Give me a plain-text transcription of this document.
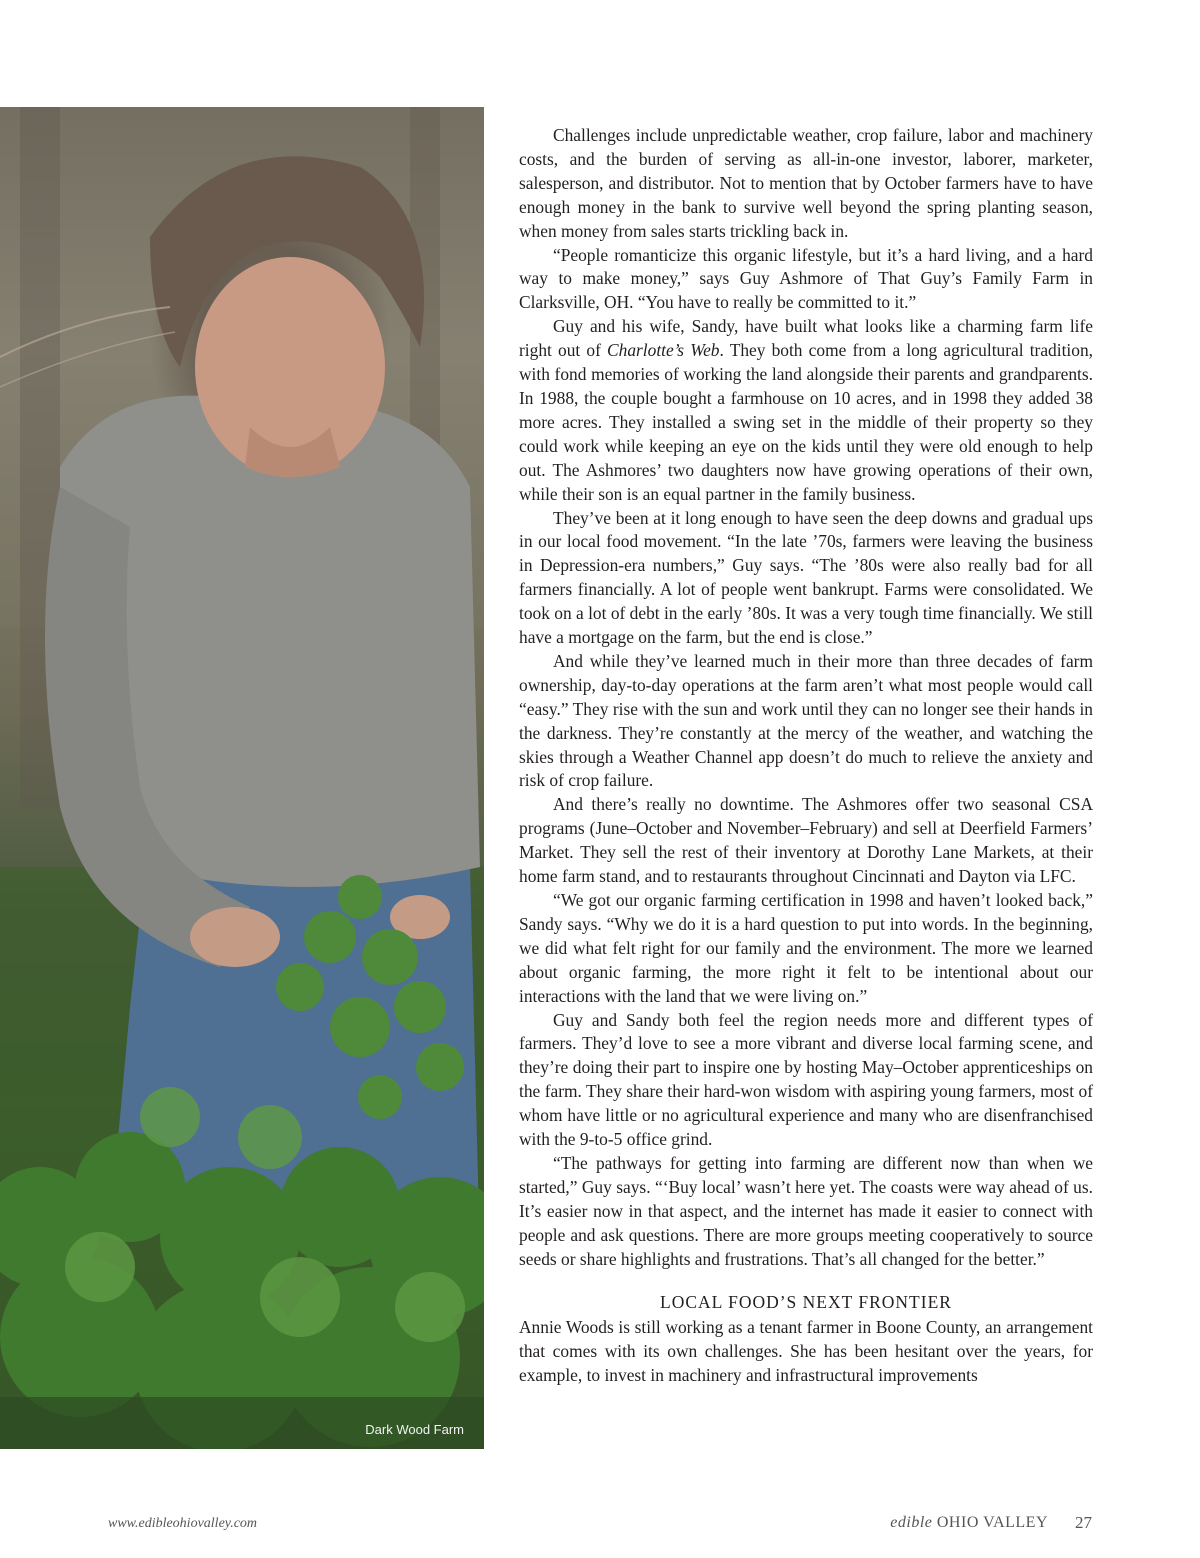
Dark Wood Farm

Challenges include unpredictable weather, crop failure, labor and machinery costs, and the burden of serving as all-in-one investor, laborer, marketer, salesperson, and distributor. Not to mention that by October farmers have to have enough money in the bank to survive well beyond the spring planting season, when money from sales starts trickling back in.

“People romanticize this organic lifestyle, but it’s a hard living, and a hard way to make money,” says Guy Ashmore of That Guy’s Family Farm in Clarksville, OH. “You have to really be committed to it.”

Guy and his wife, Sandy, have built what looks like a charming farm life right out of Charlotte’s Web. They both come from a long agricultural tradition, with fond memories of working the land alongside their parents and grandparents. In 1988, the couple bought a farmhouse on 10 acres, and in 1998 they added 38 more acres. They installed a swing set in the middle of their property so they could work while keeping an eye on the kids until they were old enough to help out. The Ashmores’ two daughters now have growing operations of their own, while their son is an equal partner in the family business.

They’ve been at it long enough to have seen the deep downs and gradual ups in our local food movement. “In the late ’70s, farmers were leaving the business in Depression-era numbers,” Guy says. “The ’80s were also really bad for all farmers financially. A lot of people went bankrupt. Farms were consolidated. We took on a lot of debt in the early ’80s. It was a very tough time financially. We still have a mortgage on the farm, but the end is close.”

And while they’ve learned much in their more than three decades of farm ownership, day-to-day operations at the farm aren’t what most people would call “easy.” They rise with the sun and work until they can no longer see their hands in the darkness. They’re constantly at the mercy of the weather, and watching the skies through a Weather Channel app doesn’t do much to relieve the anxiety and risk of crop failure.

And there’s really no downtime. The Ashmores offer two seasonal CSA programs (June–October and November–February) and sell at Deerfield Farmers’ Market. They sell the rest of their inventory at Dorothy Lane Markets, at their home farm stand, and to restaurants throughout Cincinnati and Dayton via LFC.

“We got our organic farming certification in 1998 and haven’t looked back,” Sandy says. “Why we do it is a hard question to put into words. In the beginning, we did what felt right for our family and the environment. The more we learned about organic farming, the more right it felt to be intentional about our interactions with the land that we were living on.”

Guy and Sandy both feel the region needs more and different types of farmers. They’d love to see a more vibrant and diverse local farming scene, and they’re doing their part to inspire one by hosting May–October apprenticeships on the farm. They share their hard-won wisdom with aspiring young farmers, most of whom have little or no agricultural experience and many who are disenfranchised with the 9-to-5 office grind.

“The pathways for getting into farming are different now than when we started,” Guy says. “‘Buy local’ wasn’t here yet. The coasts were way ahead of us. It’s easier now in that aspect, and the internet has made it easier to connect with people and ask questions. There are more groups meeting cooperatively to source seeds or share highlights and frustrations. That’s all changed for the better.”

LOCAL FOOD’S NEXT FRONTIER

Annie Woods is still working as a tenant farmer in Boone County, an arrangement that comes with its own challenges. She has been hesitant over the years, for example, to invest in machinery and infrastructural improvements

www.edibleohiovalley.com	edible OHIO VALLEY 27
